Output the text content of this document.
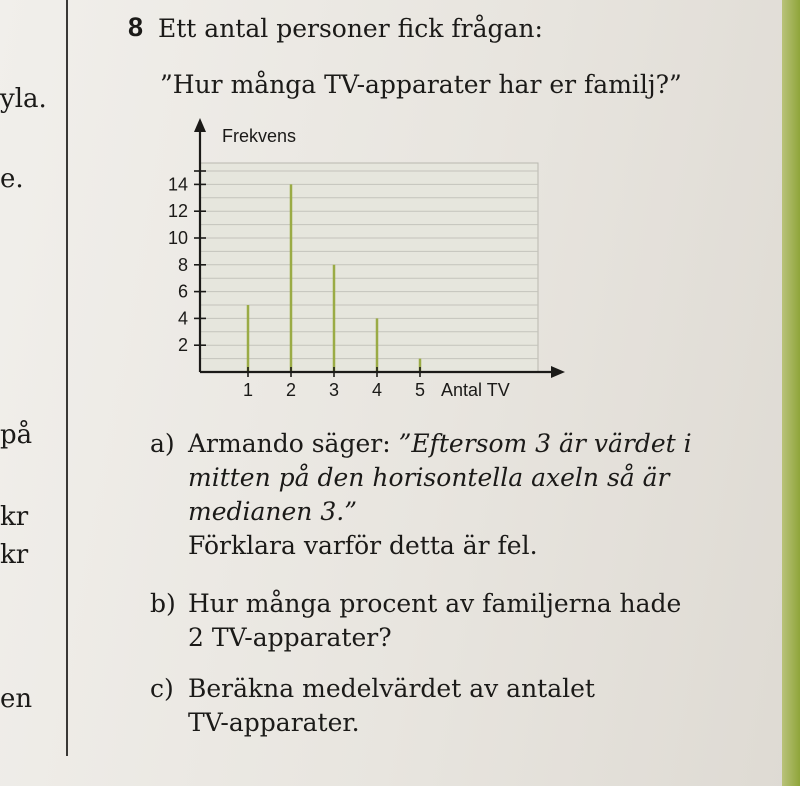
yla.
e.
på
kr
kr
en
8 Ett antal personer fick frågan:
”Hur många TV-apparater har er familj?”
2
4
6
8
10
12
14
1 2 3 4 5
Frekvens
Antal TV
a) Armando säger: ”Eftersom 3 är värdet i
mitten på den horisontella axeln så är
medianen 3.”
Förklara varför detta är fel.
b) Hur många procent av familjerna hade
2 TV-apparater?
c) Beräkna medelvärdet av antalet
TV-apparater.
